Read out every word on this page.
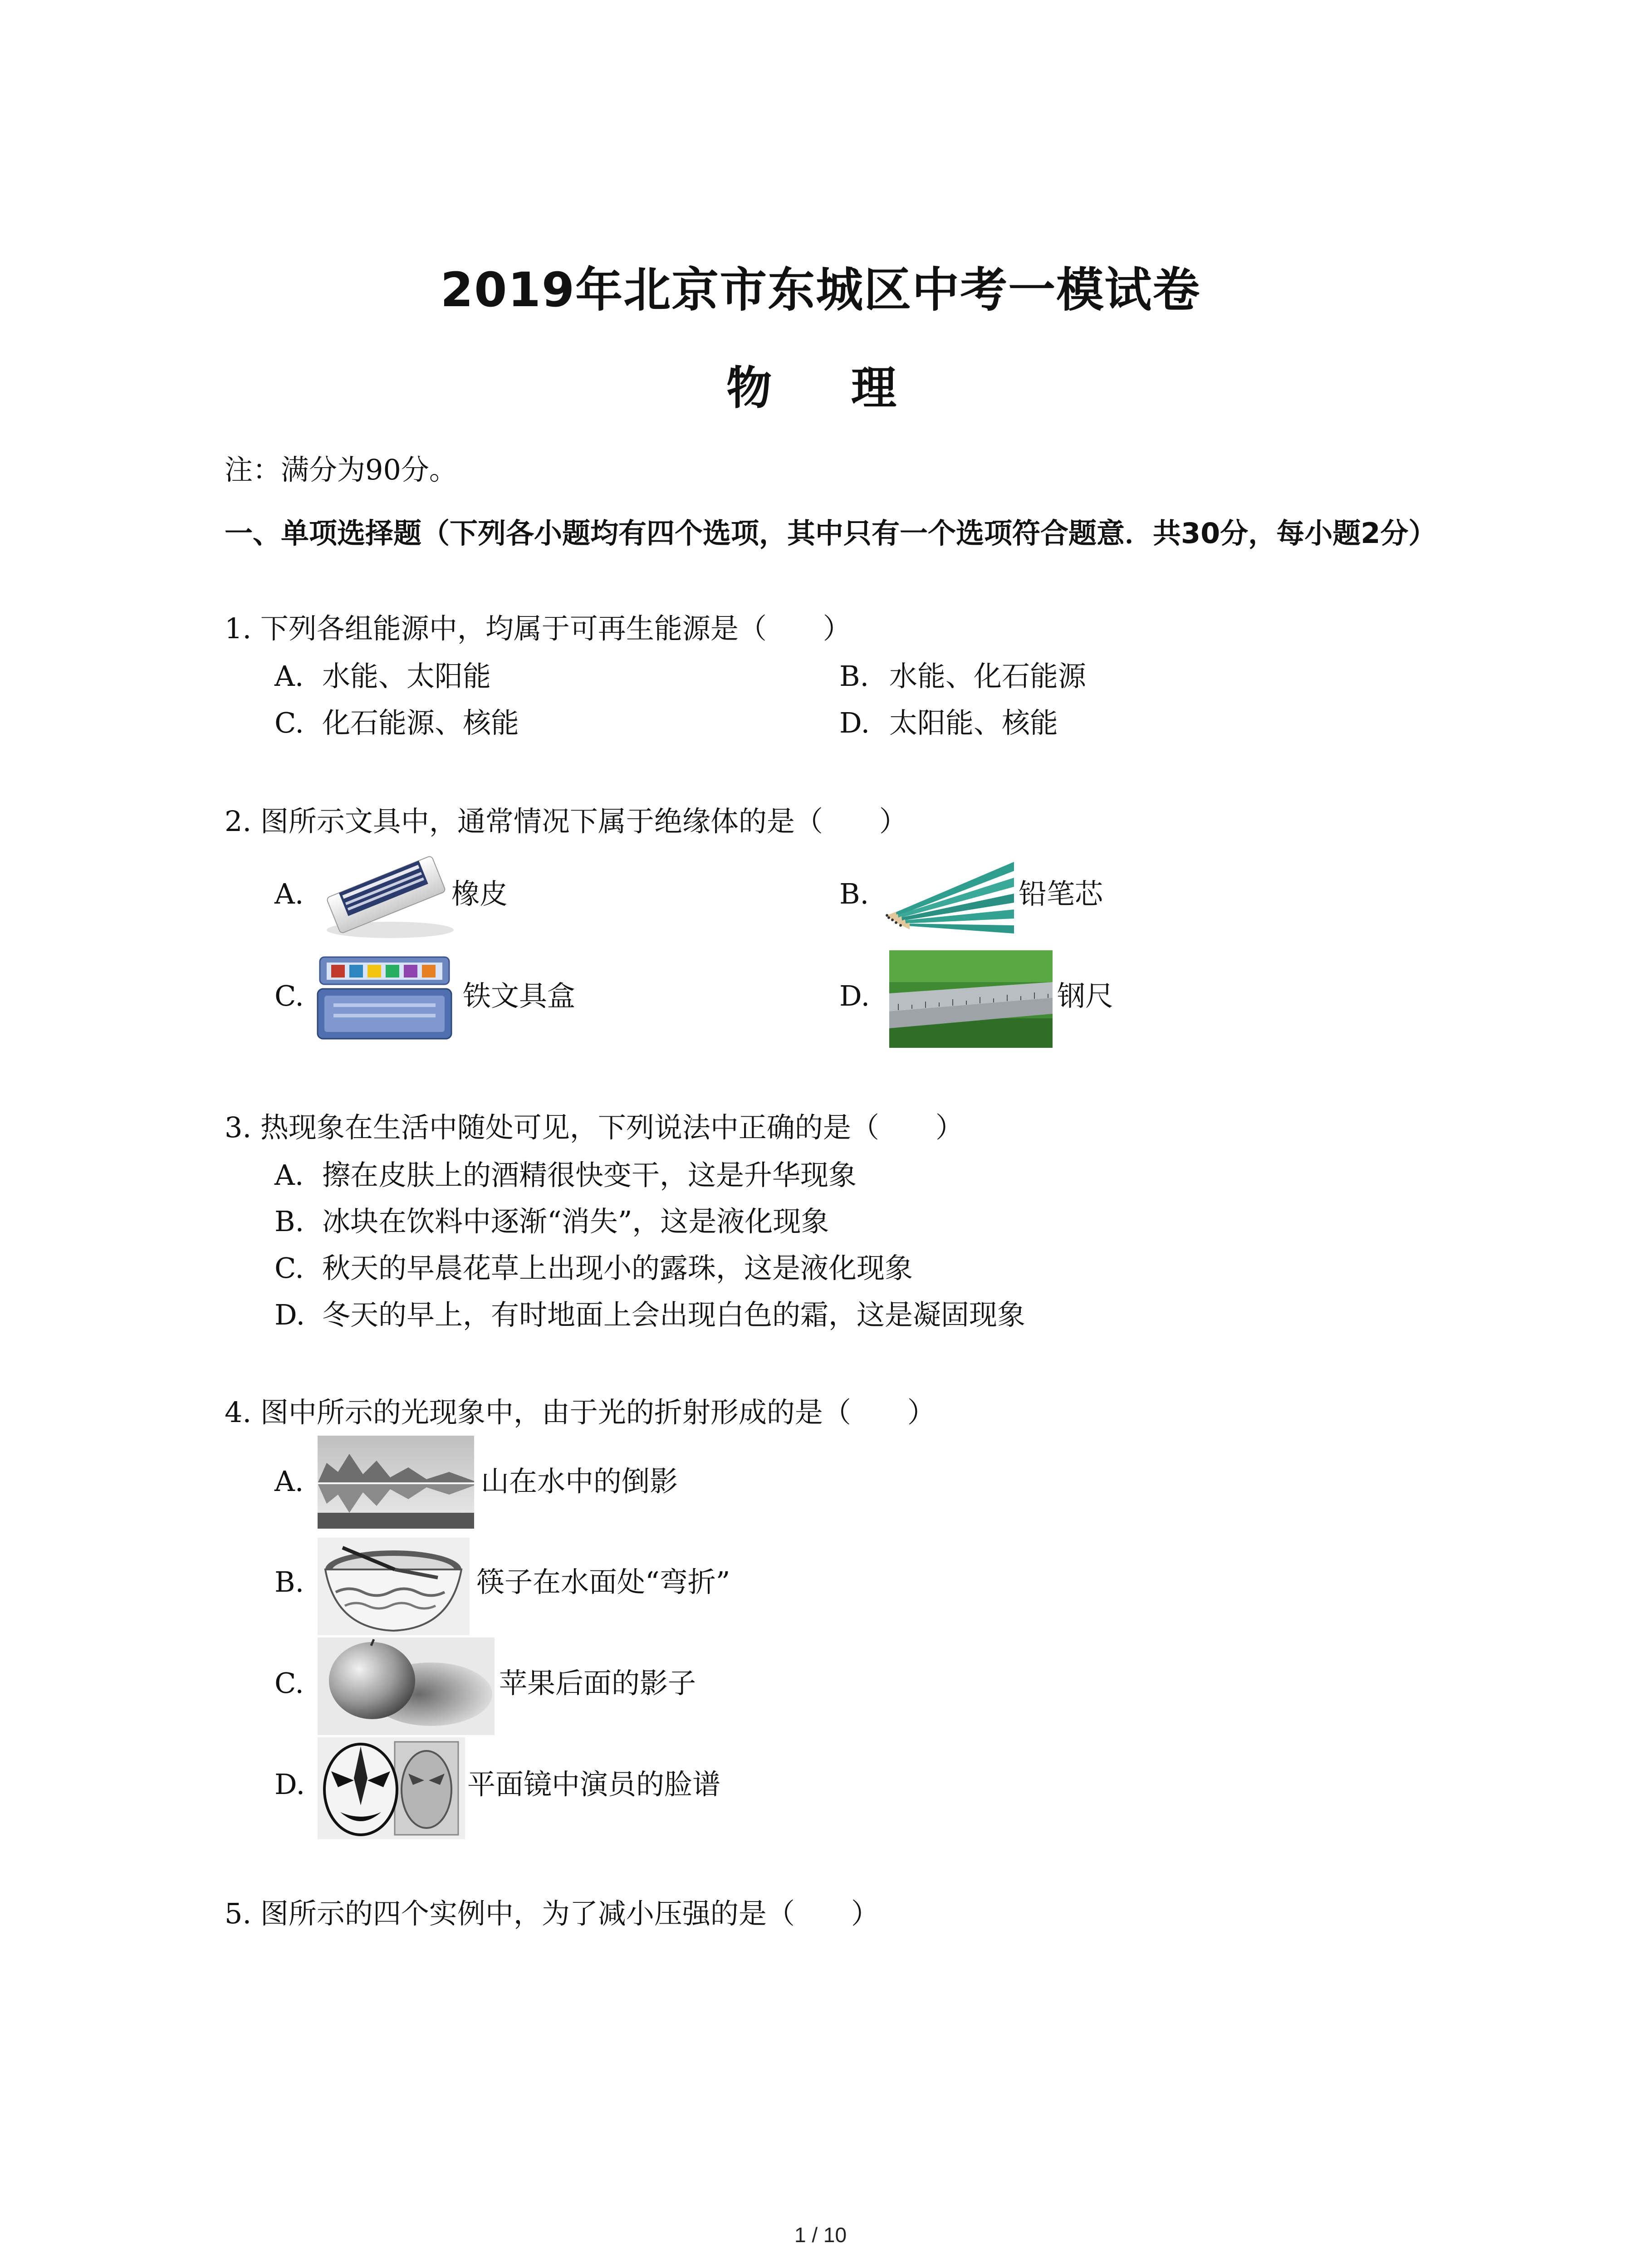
2019年北京市东城区中考一模试卷
物 理
注：满分为90分。
一、单项选择题（下列各小题均有四个选项，其中只有一个选项符合题意．共30分，每小题2分）
1. 下列各组能源中，均属于可再生能源是（　　）
A. 水能、太阳能	B. 水能、化石能源
C. 化石能源、核能	D. 太阳能、核能
2. 图所示文具中，通常情况下属于绝缘体的是（　　）
A.	橡皮	B.	铅笔芯
C.	铁文具盒	D.	钢尺
3. 热现象在生活中随处可见，下列说法中正确的是（　　）
A. 擦在皮肤上的酒精很快变干，这是升华现象
B. 冰块在饮料中逐渐“消失”，这是液化现象
C. 秋天的早晨花草上出现小的露珠，这是液化现象
D. 冬天的早上，有时地面上会出现白色的霜，这是凝固现象
4. 图中所示的光现象中，由于光的折射形成的是（　　）
A.	山在水中的倒影
B.	筷子在水面处“弯折”
C.	苹果后面的影子
D.	平面镜中演员的脸谱
5. 图所示的四个实例中，为了减小压强的是（　　）
1 / 10
